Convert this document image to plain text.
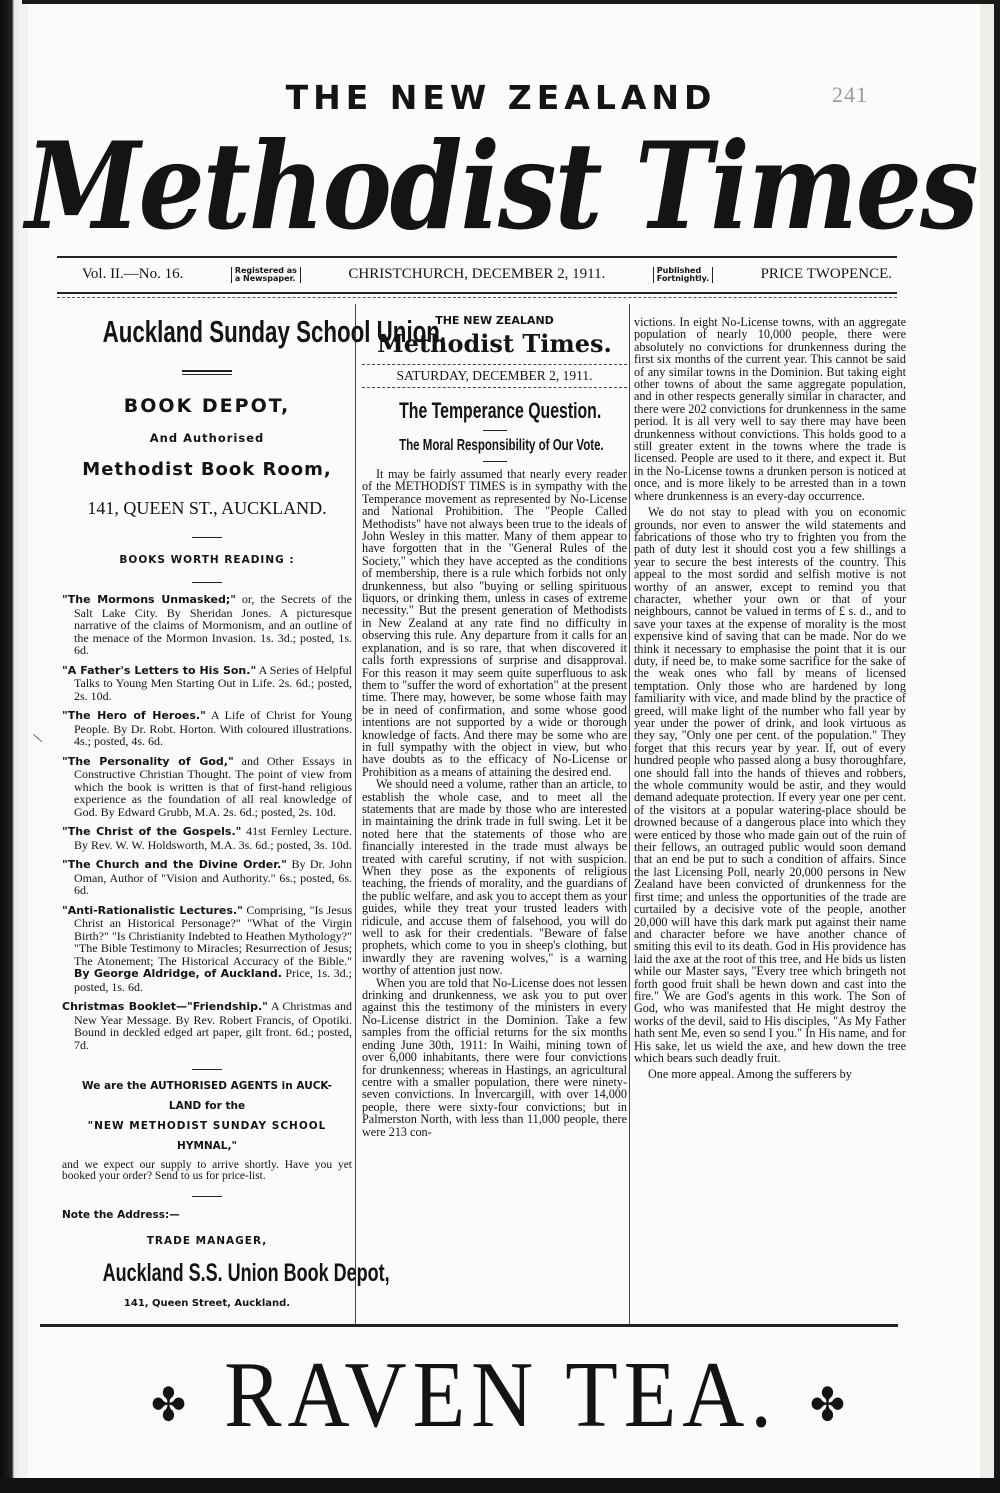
241
THE NEW ZEALAND
Methodist Times
Vol. II.—No. 16.	Registered as
a Newspaper.	CHRISTCHURCH, DECEMBER 2, 1911.	Published
Fortnightly.	PRICE TWOPENCE.
Auckland Sunday School Union.
BOOK DEPOT,
And Authorised
Methodist Book Room,
141, QUEEN ST., AUCKLAND.
BOOKS WORTH READING :
"The Mormons Unmasked;" or, the Secrets of the Salt Lake City. By Sheridan Jones. A picturesque narrative of the claims of Mormonism, and an outline of the menace of the Mormon Invasion. 1s. 3d.; posted, 1s. 6d.
"A Father's Letters to His Son." A Series of Helpful Talks to Young Men Starting Out in Life. 2s. 6d.; posted, 2s. 10d.
"The Hero of Heroes." A Life of Christ for Young People. By Dr. Robt. Horton. With coloured illustrations. 4s.; posted, 4s. 6d.
"The Personality of God," and Other Essays in Constructive Christian Thought. The point of view from which the book is written is that of first-hand religious experience as the foundation of all real knowledge of God. By Edward Grubb, M.A. 2s. 6d.; posted, 2s. 10d.
"The Christ of the Gospels." 41st Fernley Lecture. By Rev. W. W. Holdsworth, M.A. 3s. 6d.; posted, 3s. 10d.
"The Church and the Divine Order." By Dr. John Oman, Author of "Vision and Authority." 6s.; posted, 6s. 6d.
"Anti-Rationalistic Lectures." Comprising, "Is Jesus Christ an Historical Personage?" "What of the Virgin Birth?" "Is Christianity Indebted to Heathen Mythology?" "The Bible Testimony to Miracles; Resurrection of Jesus; The Atonement; The Historical Accuracy of the Bible." By George Aldridge, of Auckland. Price, 1s. 3d.; posted, 1s. 6d.
Christmas Booklet—"Friendship." A Christmas and New Year Message. By Rev. Robert Francis, of Opotiki. Bound in deckled edged art paper, gilt front. 6d.; posted, 7d.
We are the AUTHORISED AGENTS in AUCK-
LAND for the
"NEW METHODIST SUNDAY SCHOOL
HYMNAL,"
and we expect our supply to arrive shortly. Have you yet booked your order? Send to us for price-list.
Note the Address:—
TRADE MANAGER,
Auckland S.S. Union Book Depot,
141, Queen Street, Auckland.
\
THE NEW ZEALAND
Methodist Times.
SATURDAY, DECEMBER 2, 1911.
The Temperance Question.
The Moral Responsibility of Our Vote.

It may be fairly assumed that nearly every reader of the METHODIST TIMES is in sympathy with the Temperance movement as represented by No-License and National Prohibition. The "People Called Methodists" have not always been true to the ideals of John Wesley in this matter. Many of them appear to have forgotten that in the "General Rules of the Society," which they have accepted as the conditions of membership, there is a rule which forbids not only drunkenness, but also "buying or selling spirituous liquors, or drinking them, unless in cases of extreme necessity." But the present generation of Methodists in New Zealand at any rate find no difficulty in observing this rule. Any departure from it calls for an explanation, and is so rare, that when discovered it calls forth expressions of surprise and disapproval. For this reason it may seem quite superfluous to ask them to "suffer the word of exhortation" at the present time. There may, however, be some whose faith may be in need of confirmation, and some whose good intentions are not supported by a wide or thorough knowledge of facts. And there may be some who are in full sympathy with the object in view, but who have doubts as to the efficacy of No-License or Prohibition as a means of attaining the desired end.

We should need a volume, rather than an article, to establish the whole case, and to meet all the statements that are made by those who are interested in maintaining the drink trade in full swing. Let it be noted here that the statements of those who are financially interested in the trade must always be treated with careful scrutiny, if not with suspicion. When they pose as the exponents of religious teaching, the friends of morality, and the guardians of the public welfare, and ask you to accept them as your guides, while they treat your trusted leaders with ridicule, and accuse them of falsehood, you will do well to ask for their credentials. "Beware of false prophets, which come to you in sheep's clothing, but inwardly they are ravening wolves," is a warning worthy of attention just now.

When you are told that No-License does not lessen drinking and drunkenness, we ask you to put over against this the testimony of the ministers in every No-License district in the Dominion. Take a few samples from the official returns for the six months ending June 30th, 1911: In Waihi, mining town of over 6,000 inhabitants, there were four convictions for drunkenness; whereas in Hastings, an agricultural centre with a smaller population, there were ninety-seven convictions. In Invercargill, with over 14,000 people, there were sixty-four convictions; but in Palmerston North, with less than 11,000 people, there were 213 con-

victions. In eight No-License towns, with an aggregate population of nearly 10,000 people, there were absolutely no convictions for drunkenness during the first six months of the current year. This cannot be said of any similar towns in the Dominion. But taking eight other towns of about the same aggregate population, and in other respects generally similar in character, and there were 202 convictions for drunkenness in the same period. It is all very well to say there may have been drunkenness without convictions. This holds good to a still greater extent in the towns where the trade is licensed. People are used to it there, and expect it. But in the No-License towns a drunken person is noticed at once, and is more likely to be arrested than in a town where drunkenness is an every-day occurrence.

We do not stay to plead with you on economic grounds, nor even to answer the wild statements and fabrications of those who try to frighten you from the path of duty lest it should cost you a few shillings a year to secure the best interests of the country. This appeal to the most sordid and selfish motive is not worthy of an answer, except to remind you that character, whether your own or that of your neighbours, cannot be valued in terms of £ s. d., and to save your taxes at the expense of morality is the most expensive kind of saving that can be made. Nor do we think it necessary to emphasise the point that it is our duty, if need be, to make some sacrifice for the sake of the weak ones who fall by means of licensed temptation. Only those who are hardened by long familiarity with vice, and made blind by the practice of greed, will make light of the number who fall year by year under the power of drink, and look virtuous as they say, "Only one per cent. of the population." They forget that this recurs year by year. If, out of every hundred people who passed along a busy thoroughfare, one should fall into the hands of thieves and robbers, the whole community would be astir, and they would demand adequate protection. If every year one per cent. of the visitors at a popular watering-place should be drowned because of a dangerous place into which they were enticed by those who made gain out of the ruin of their fellows, an outraged public would soon demand that an end be put to such a condition of affairs. Since the last Licensing Poll, nearly 20,000 persons in New Zealand have been convicted of drunkenness for the first time; and unless the opportunities of the trade are curtailed by a decisive vote of the people, another 20,000 will have this dark mark put against their name and character before we have another chance of smiting this evil to its death. God in His providence has laid the axe at the root of this tree, and He bids us listen while our Master says, "Every tree which bringeth not forth good fruit shall be hewn down and cast into the fire." We are God's agents in this work. The Son of God, who was manifested that He might destroy the works of the devil, said to His disciples, "As My Father hath sent Me, even so send I you." In His name, and for His sake, let us wield the axe, and hew down the tree which bears such deadly fruit.

One more appeal. Among the sufferers by

✤ RAVEN TEA. ✤
